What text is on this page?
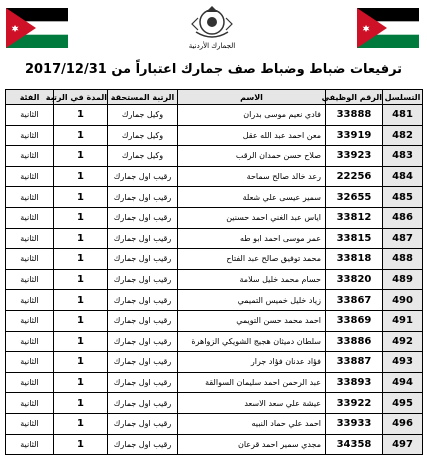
الجمارك الأردنية
ترفيعات ضباط وضباط صف جمارك اعتباراً من 2017/12/31
التسلسل	الرقم الوظيفي	الاسم	الرتبة المستحقة	المدة في الرتبة	الفئة
481	33888	فادي نعيم موسى بدران	وكيل جمارك	1	الثانية
482	33919	معن احمد عبد الله عقل	وكيل جمارك	1	الثانية
483	33923	صلاح حسن حمدان الرقب	وكيل جمارك	1	الثانية
484	22256	رعد خالد صالح سماحة	رقيب اول جمارك	1	الثانية
485	32655	سمير عيسى علي شعلة	رقيب اول جمارك	1	الثانية
486	33812	اياس عبد الغني احمد حسنين	رقيب اول جمارك	1	الثانية
487	33815	عمر موسى احمد ابو طه	رقيب اول جمارك	1	الثانية
488	33818	محمد توفيق صالح عبد الفتاح	رقيب اول جمارك	1	الثانية
489	33820	حسام محمد خليل سلامة	رقيب اول جمارك	1	الثانية
490	33867	زياد خليل خميس التميمي	رقيب اول جمارك	1	الثانية
491	33869	احمد محمد حسن التويمي	رقيب اول جمارك	1	الثانية
492	33886	سلطان دميثان هجيج الشويكي الزواهرة	رقيب اول جمارك	1	الثانية
493	33887	فؤاد عدنان فؤاد جرار	رقيب اول جمارك	1	الثانية
494	33893	عبد الرحمن احمد سليمان السوالقة	رقيب اول جمارك	1	الثانية
495	33922	عيشة علي سعد الاسعد	رقيب اول جمارك	1	الثانية
496	33933	احمد علي حماد النبيه	رقيب اول جمارك	1	الثانية
497	34358	مجدي سمير احمد قرعان	رقيب اول جمارك	1	الثانية
